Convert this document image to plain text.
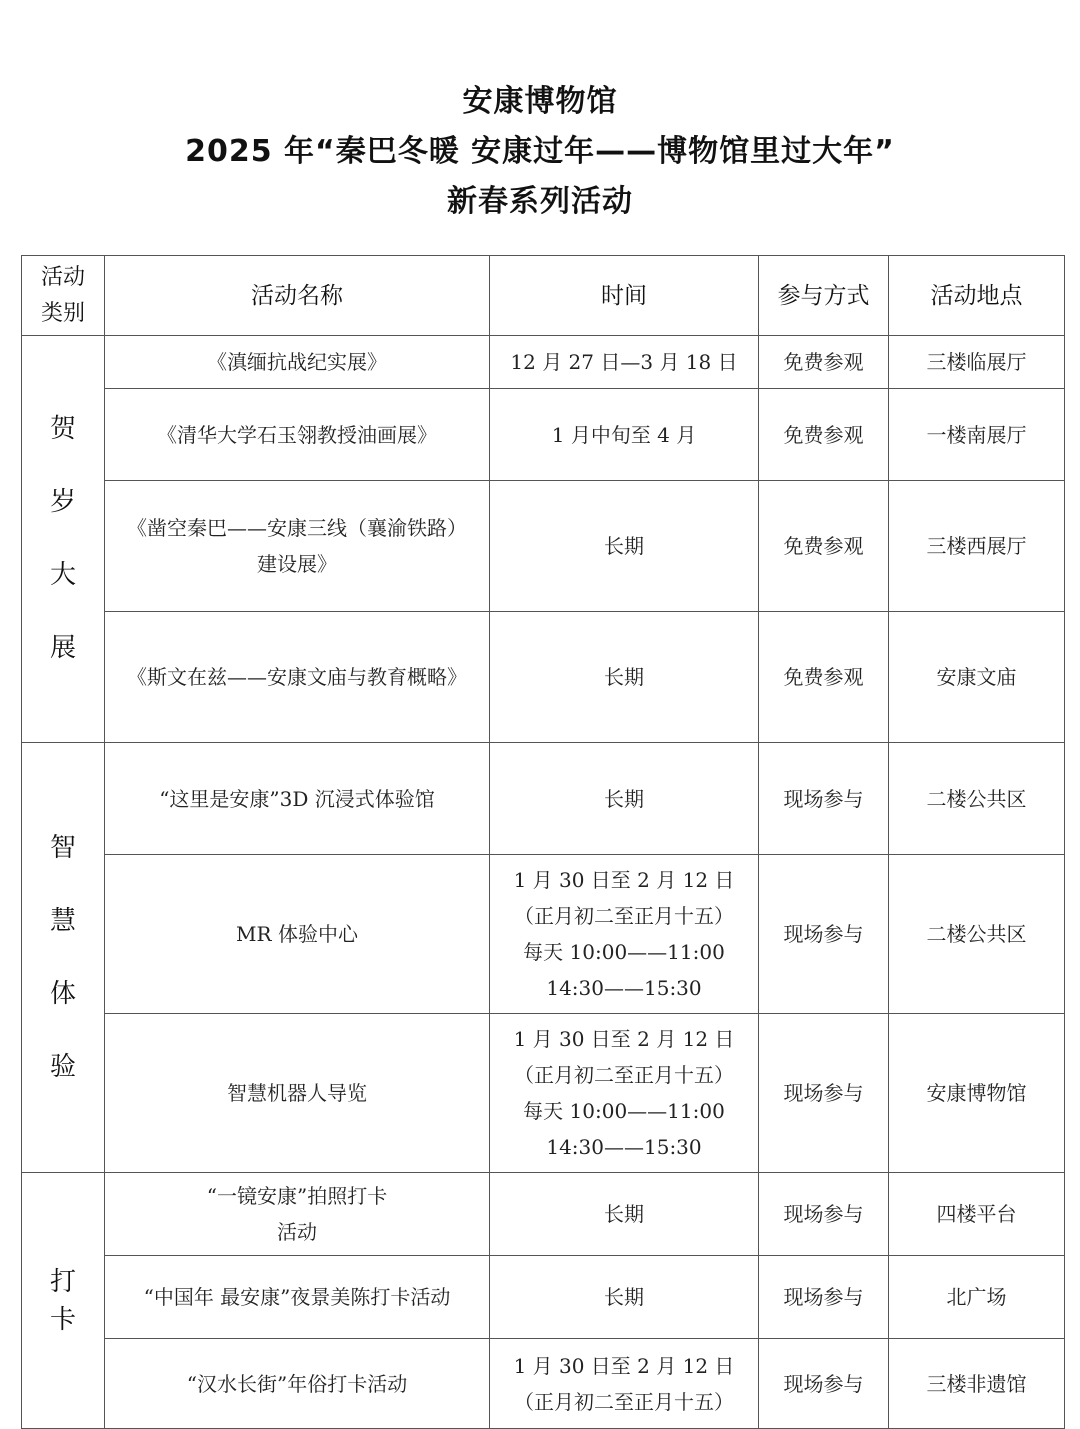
安康博物馆
2025 年“秦巴冬暖 安康过年——博物馆里过大年”
新春系列活动
活动
类别	活动名称	时间	参与方式	活动地点

贺
岁
大
展	《滇缅抗战纪实展》	12 月 27 日—3 月 18 日	免费参观	三楼临展厅

	《清华大学石玉翎教授油画展》	1 月中旬至 4 月	免费参观	一楼南展厅

	《凿空秦巴——安康三线（襄渝铁路）
建设展》	长期	免费参观	三楼西展厅

	《斯文在兹——安康文庙与教育概略》	长期	免费参观	安康文庙

智
慧
体
验	“这里是安康”3D 沉浸式体验馆	长期	现场参与	二楼公共区

	MR 体验中心	1 月 30 日至 2 月 12 日
（正月初二至正月十五）
每天 10:00——11:00
14:30——15:30	现场参与	二楼公共区

	智慧机器人导览	1 月 30 日至 2 月 12 日
（正月初二至正月十五）
每天 10:00——11:00
14:30——15:30	现场参与	安康博物馆

打
卡	“一镜安康”拍照打卡
活动	长期	现场参与	四楼平台

	“中国年 最安康”夜景美陈打卡活动	长期	现场参与	北广场

	“汉水长街”年俗打卡活动	1 月 30 日至 2 月 12 日
（正月初二至正月十五）	现场参与	三楼非遗馆
